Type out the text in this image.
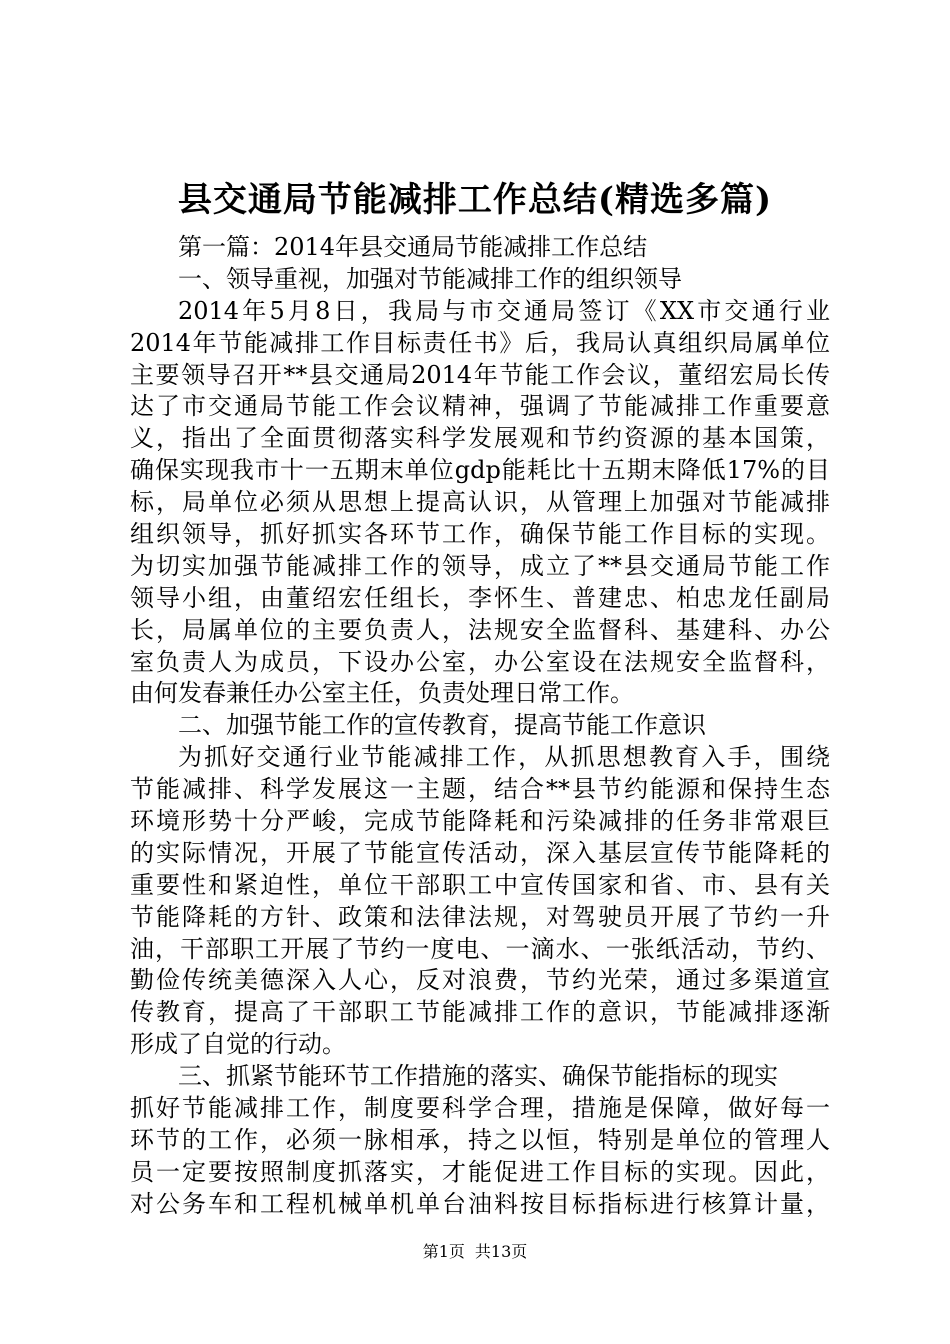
县交通局节能减排工作总结(精选多篇)
第一篇：2014年县交通局节能减排工作总结
一、领导重视，加强对节能减排工作的组织领导
2014年5月8日，我局与市交通局签订《XX市交通行业
2014年节能减排工作目标责任书》后，我局认真组织局属单位
主要领导召开**县交通局2014年节能工作会议，董绍宏局长传
达了市交通局节能工作会议精神，强调了节能减排工作重要意
义，指出了全面贯彻落实科学发展观和节约资源的基本国策，
确保实现我市十一五期末单位gdp能耗比十五期末降低17%的目
标，局单位必须从思想上提高认识，从管理上加强对节能减排
组织领导，抓好抓实各环节工作，确保节能工作目标的实现。
为切实加强节能减排工作的领导，成立了**县交通局节能工作
领导小组，由董绍宏任组长，李怀生、普建忠、柏忠龙任副局
长，局属单位的主要负责人，法规安全监督科、基建科、办公
室负责人为成员，下设办公室，办公室设在法规安全监督科，
由何发春兼任办公室主任，负责处理日常工作。
二、加强节能工作的宣传教育，提高节能工作意识
为抓好交通行业节能减排工作，从抓思想教育入手，围绕
节能减排、科学发展这一主题，结合**县节约能源和保持生态
环境形势十分严峻，完成节能降耗和污染减排的任务非常艰巨
的实际情况，开展了节能宣传活动，深入基层宣传节能降耗的
重要性和紧迫性，单位干部职工中宣传国家和省、市、县有关
节能降耗的方针、政策和法律法规，对驾驶员开展了节约一升
油，干部职工开展了节约一度电、一滴水、一张纸活动，节约、
勤俭传统美德深入人心，反对浪费，节约光荣，通过多渠道宣
传教育，提高了干部职工节能减排工作的意识，节能减排逐渐
形成了自觉的行动。
三、抓紧节能环节工作措施的落实、确保节能指标的现实
抓好节能减排工作，制度要科学合理，措施是保障，做好每一
环节的工作，必须一脉相承，持之以恒，特别是单位的管理人
员一定要按照制度抓落实，才能促进工作目标的实现。因此，
对公务车和工程机械单机单台油料按目标指标进行核算计量，
第1页 共13页
